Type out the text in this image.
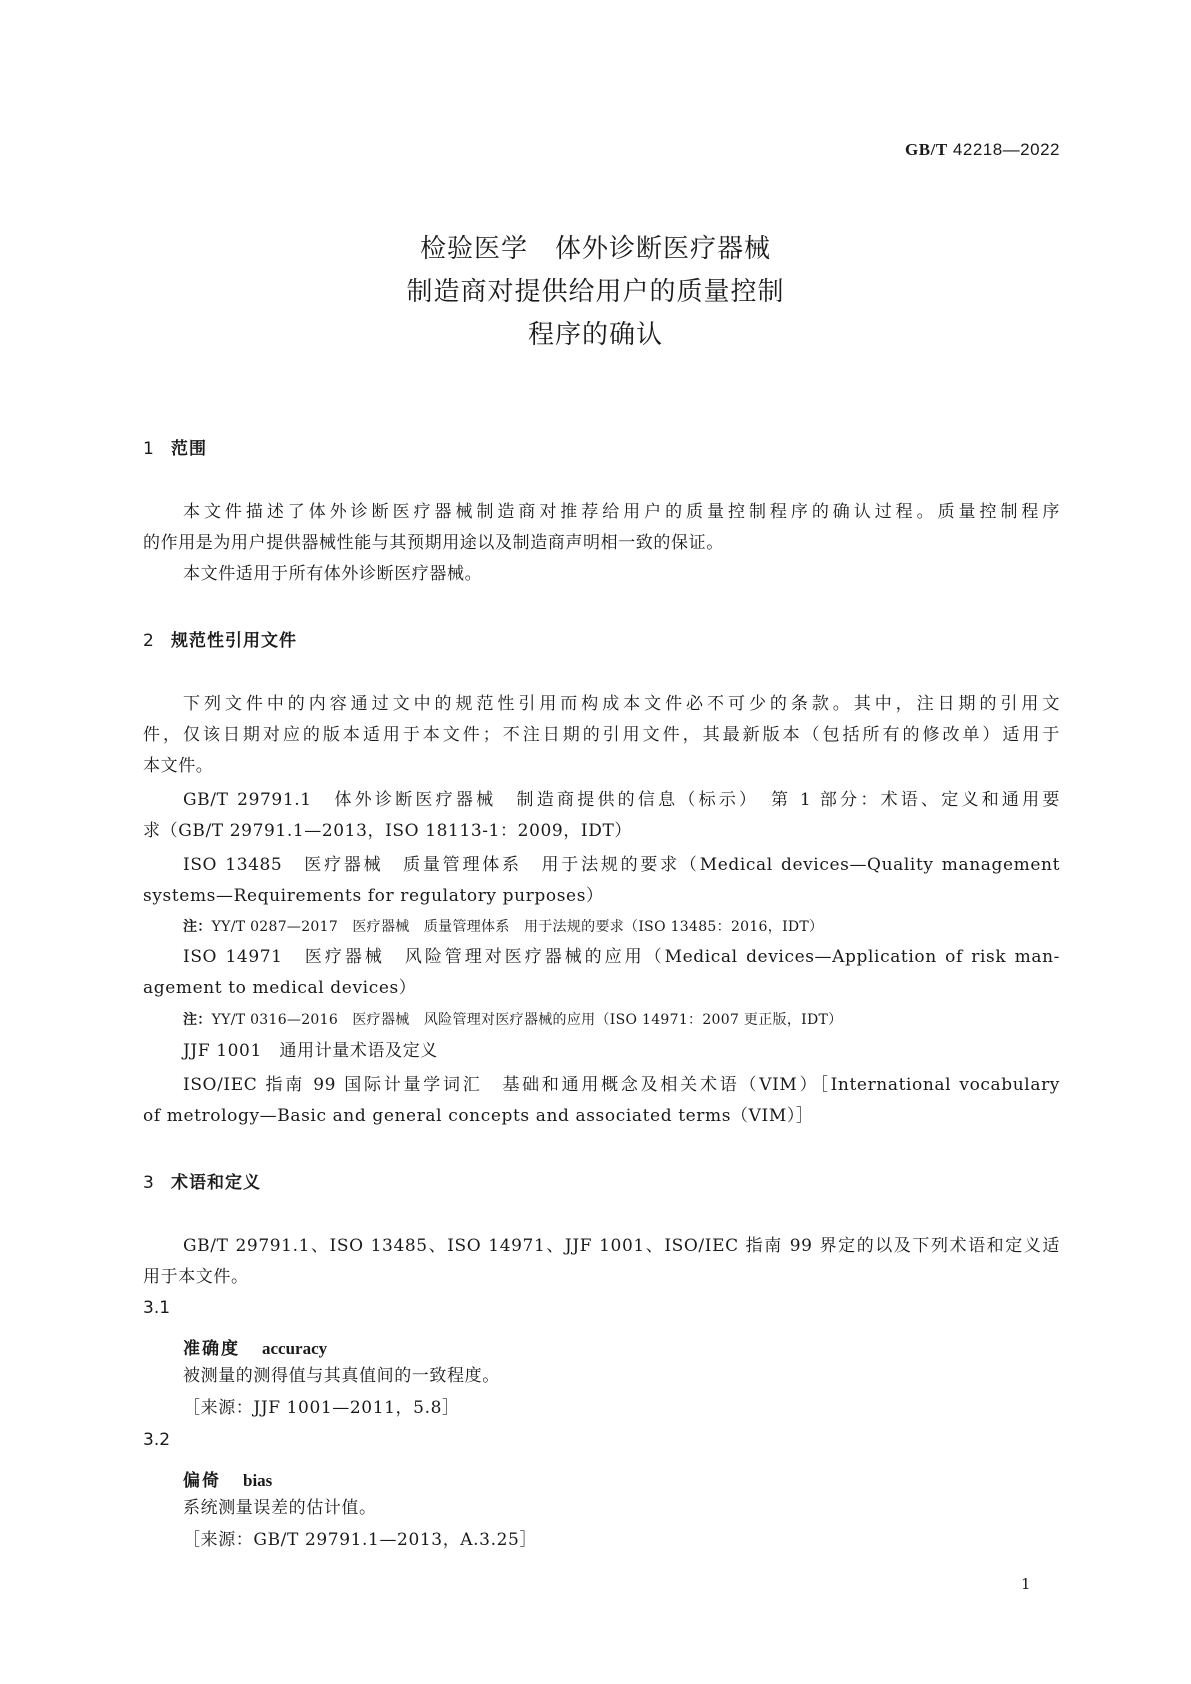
GB/T 42218—2022
检验医学　体外诊断医疗器械
制造商对提供给用户的质量控制
程序的确认
1 范围
本文件描述了体外诊断医疗器械制造商对推荐给用户的质量控制程序的确认过程。质量控制程序
的作用是为用户提供器械性能与其预期用途以及制造商声明相一致的保证。
本文件适用于所有体外诊断医疗器械。
2 规范性引用文件
下列文件中的内容通过文中的规范性引用而构成本文件必不可少的条款。其中，注日期的引用文
件，仅该日期对应的版本适用于本文件；不注日期的引用文件，其最新版本（包括所有的修改单）适用于
本文件。
GB/T 29791.1　体外诊断医疗器械　制造商提供的信息（标示）　第 1 部分：术语、定义和通用要
求（GB/T 29791.1—2013，ISO 18113-1：2009，IDT）
ISO 13485　医疗器械　质量管理体系　用于法规的要求（Medical devices—Quality management
systems—Requirements for regulatory purposes）
注：YY/T 0287—2017　医疗器械　质量管理体系　用于法规的要求（ISO 13485：2016，IDT）
ISO 14971　医疗器械　风险管理对医疗器械的应用（Medical devices—Application of risk man-
agement to medical devices）
注：YY/T 0316—2016　医疗器械　风险管理对医疗器械的应用（ISO 14971：2007 更正版，IDT）
JJF 1001　通用计量术语及定义
ISO/IEC 指南 99 国际计量学词汇　基础和通用概念及相关术语（VIM）［International vocabulary
of metrology—Basic and general concepts and associated terms（VIM）］
3 术语和定义
GB/T 29791.1、ISO 13485、ISO 14971、JJF 1001、ISO/IEC 指南 99 界定的以及下列术语和定义适
用于本文件。
3.1
准确度 accuracy
被测量的测得值与其真值间的一致程度。
［来源：JJF 1001—2011，5.8］
3.2
偏倚 bias
系统测量误差的估计值。
［来源：GB/T 29791.1—2013，A.3.25］
1
